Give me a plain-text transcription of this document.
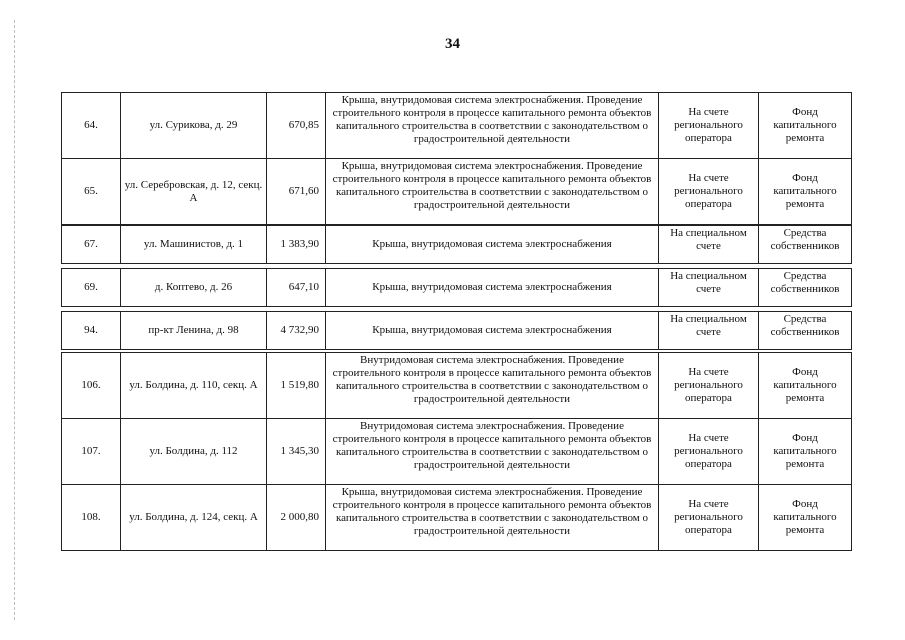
34
64.	ул. Сурикова, д. 29	670,85	Крыша, внутридомовая система электроснабжения. Проведение строительного контроля в процессе капитального ремонта объектов капитального строительства в соответствии с законодательством о градостроительной деятельности	На счете регионального оператора	Фонд капитального ремонта
65.	ул. Серебровская, д. 12, секц. А	671,60	Крыша, внутридомовая система электроснабжения. Проведение строительного контроля в процессе капитального ремонта объектов капитального строительства в соответствии с законодательством о градостроительной деятельности	На счете регионального оператора	Фонд капитального ремонта
67.	ул. Машинистов, д. 1	1 383,90	Крыша, внутридомовая система электроснабжения	На специальном счете	Средства собственников
69.	д. Коптево, д. 26	647,10	Крыша, внутридомовая система электроснабжения	На специальном счете	Средства собственников
94.	пр-кт Ленина, д. 98	4 732,90	Крыша, внутридомовая система электроснабжения	На специальном счете	Средства собственников
106.	ул. Болдина, д. 110, секц. А	1 519,80	Внутридомовая система электроснабжения. Проведение строительного контроля в процессе капитального ремонта объектов капитального строительства в соответствии с законодательством о градостроительной деятельности	На счете регионального оператора	Фонд капитального ремонта
107.	ул. Болдина, д. 112	1 345,30	Внутридомовая система электроснабжения. Проведение строительного контроля в процессе капитального ремонта объектов капитального строительства в соответствии с законодательством о градостроительной деятельности	На счете регионального оператора	Фонд капитального ремонта
108.	ул. Болдина, д. 124, секц. А	2 000,80	Крыша, внутридомовая система электроснабжения. Проведение строительного контроля в процессе капитального ремонта объектов капитального строительства в соответствии с законодательством о градостроительной деятельности	На счете регионального оператора	Фонд капитального ремонта
